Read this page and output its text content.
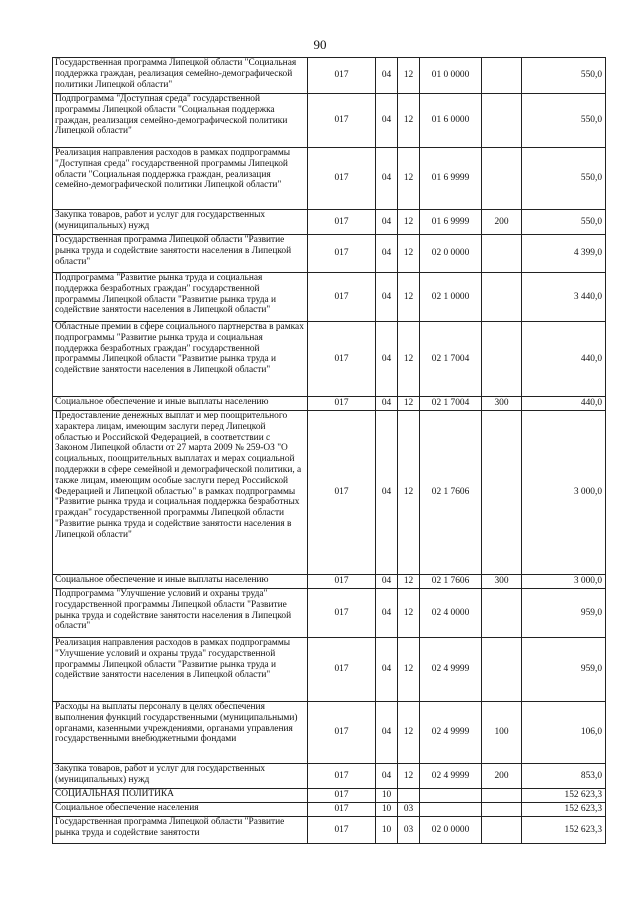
90
Государственная программа Липецкой области "Социальная поддержка граждан, реализация семейно-демографической политики Липецкой области"	017	04	12	01 0 0000		550,0
Подпрограмма "Доступная среда" государственной программы Липецкой области "Социальная поддержка граждан, реализация семейно-демографической политики Липецкой области"	017	04	12	01 6 0000		550,0
Реализация направления расходов в рамках подпрограммы "Доступная среда" государственной программы Липецкой области "Социальная поддержка граждан, реализация семейно-демографической политики Липецкой области"	017	04	12	01 6 9999		550,0
Закупка товаров, работ и услуг для государственных (муниципальных) нужд	017	04	12	01 6 9999	200	550,0
Государственная программа Липецкой области "Развитие рынка труда и содействие занятости населения в Липецкой области"	017	04	12	02 0 0000		4 399,0
Подпрограмма "Развитие рынка труда и социальная поддержка безработных граждан" государственной программы Липецкой области "Развитие рынка труда и содействие занятости населения в Липецкой области"	017	04	12	02 1 0000		3 440,0
Областные премии в сфере социального партнерства в рамках подпрограммы "Развитие рынка труда и социальная поддержка безработных граждан" государственной программы Липецкой области "Развитие рынка труда и содействие занятости населения в Липецкой области"	017	04	12	02 1 7004		440,0
Социальное обеспечение и иные выплаты населению	017	04	12	02 1 7004	300	440,0
Предоставление денежных выплат и мер поощрительного характера лицам, имеющим заслуги перед Липецкой областью и Российской Федерацией, в соответствии с Законом Липецкой области от 27 марта 2009 № 259-ОЗ "О социальных, поощрительных выплатах и мерах социальной поддержки в сфере семейной и демографической политики, а также лицам, имеющим особые заслуги перед Российской Федерацией и Липецкой областью" в рамках подпрограммы "Развитие рынка труда и социальная поддержка безработных граждан" государственной программы Липецкой области "Развитие рынка труда и содействие занятости населения в Липецкой области"	017	04	12	02 1 7606		3 000,0
Социальное обеспечение и иные выплаты населению	017	04	12	02 1 7606	300	3 000,0
Подпрограмма "Улучшение условий и охраны труда" государственной программы Липецкой области "Развитие рынка труда и содействие занятости населения в Липецкой области"	017	04	12	02 4 0000		959,0
Реализация направления расходов в рамках подпрограммы "Улучшение условий и охраны труда" государственной программы Липецкой области "Развитие рынка труда и содействие занятости населения в Липецкой области"	017	04	12	02 4 9999		959,0
Расходы на выплаты персоналу в целях обеспечения выполнения функций государственными (муниципальными) органами, казенными учреждениями, органами управления государственными внебюджетными фондами	017	04	12	02 4 9999	100	106,0
Закупка товаров, работ и услуг для государственных (муниципальных) нужд	017	04	12	02 4 9999	200	853,0
СОЦИАЛЬНАЯ ПОЛИТИКА	017	10				152 623,3
Социальное обеспечение населения	017	10	03			152 623,3
Государственная программа Липецкой области "Развитие рынка труда и содействие занятости	017	10	03	02 0 0000		152 623,3
